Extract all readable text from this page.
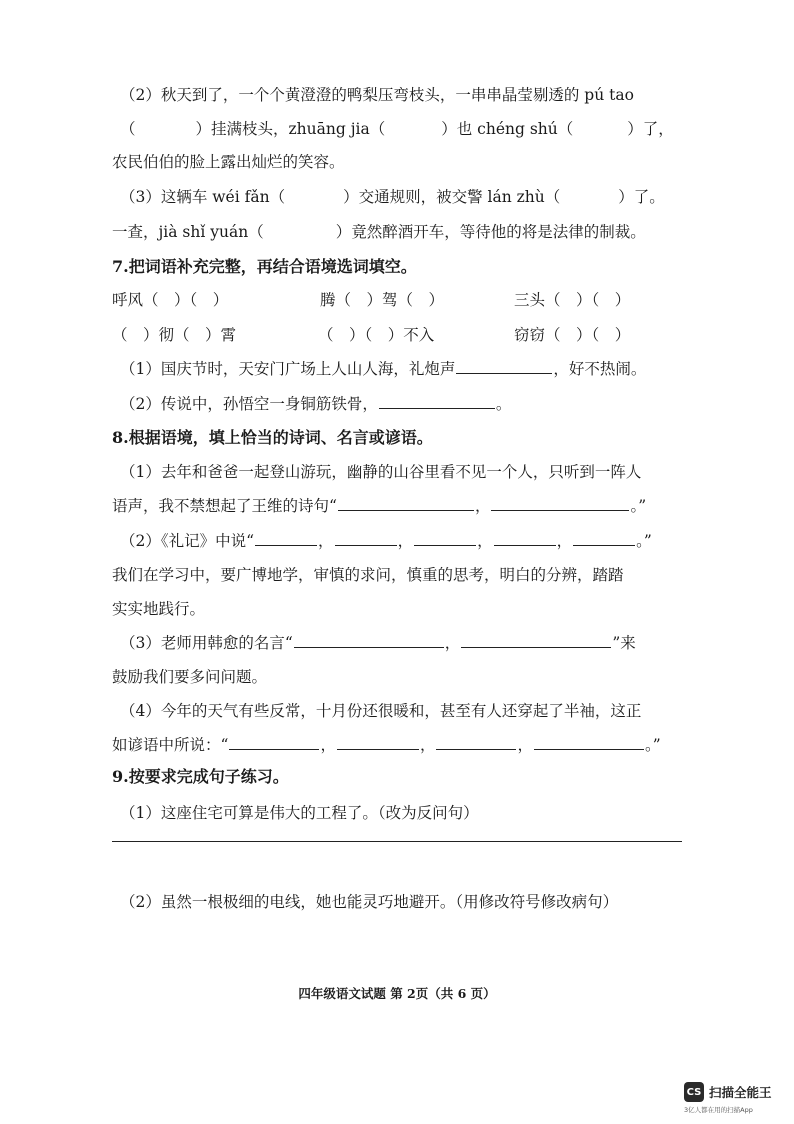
（2）秋天到了，一个个黄澄澄的鸭梨压弯枝头，一串串晶莹剔透的 pú tao
（	）挂满枝头，zhuāng jia（	）也 chéng shú（	）了，
农民伯伯的脸上露出灿烂的笑容。
（3）这辆车 wéi fǎn（	）交通规则，被交警 lán zhù（	）了。
一查，jià shǐ yuán（	）竟然醉酒开车，等待他的将是法律的制裁。
7.把词语补充完整，再结合语境选词填空。
呼风（　）（　）	腾（　）驾（　）	三头（　）（　）
（　）彻（　）霄	（　）（　）不入	窃窃（　）（　）
（1）国庆节时，天安门广场上人山人海，礼炮声	，好不热闹。
（2）传说中，孙悟空一身铜筋铁骨，	。
8.根据语境，填上恰当的诗词、名言或谚语。
（1）去年和爸爸一起登山游玩，幽静的山谷里看不见一个人，只听到一阵人
语声，我不禁想起了王维的诗句“	，	。”
（2）《礼记》中说“	，	，	，	，	。”
我们在学习中，要广博地学，审慎的求问，慎重的思考，明白的分辨，踏踏
实实地践行。
（3）老师用韩愈的名言“	，	”来
鼓励我们要多问问题。
（4）今年的天气有些反常，十月份还很暖和，甚至有人还穿起了半袖，这正
如谚语中所说：“	，	，	，	。”
9.按要求完成句子练习。
（1）这座住宅可算是伟大的工程了。（改为反问句）
（2）虽然一根极细的电线，她也能灵巧地避开。（用修改符号修改病句）
四年级语文试题 第 2页（共 6 页）
CS 扫描全能王
3亿人都在用的扫描App
